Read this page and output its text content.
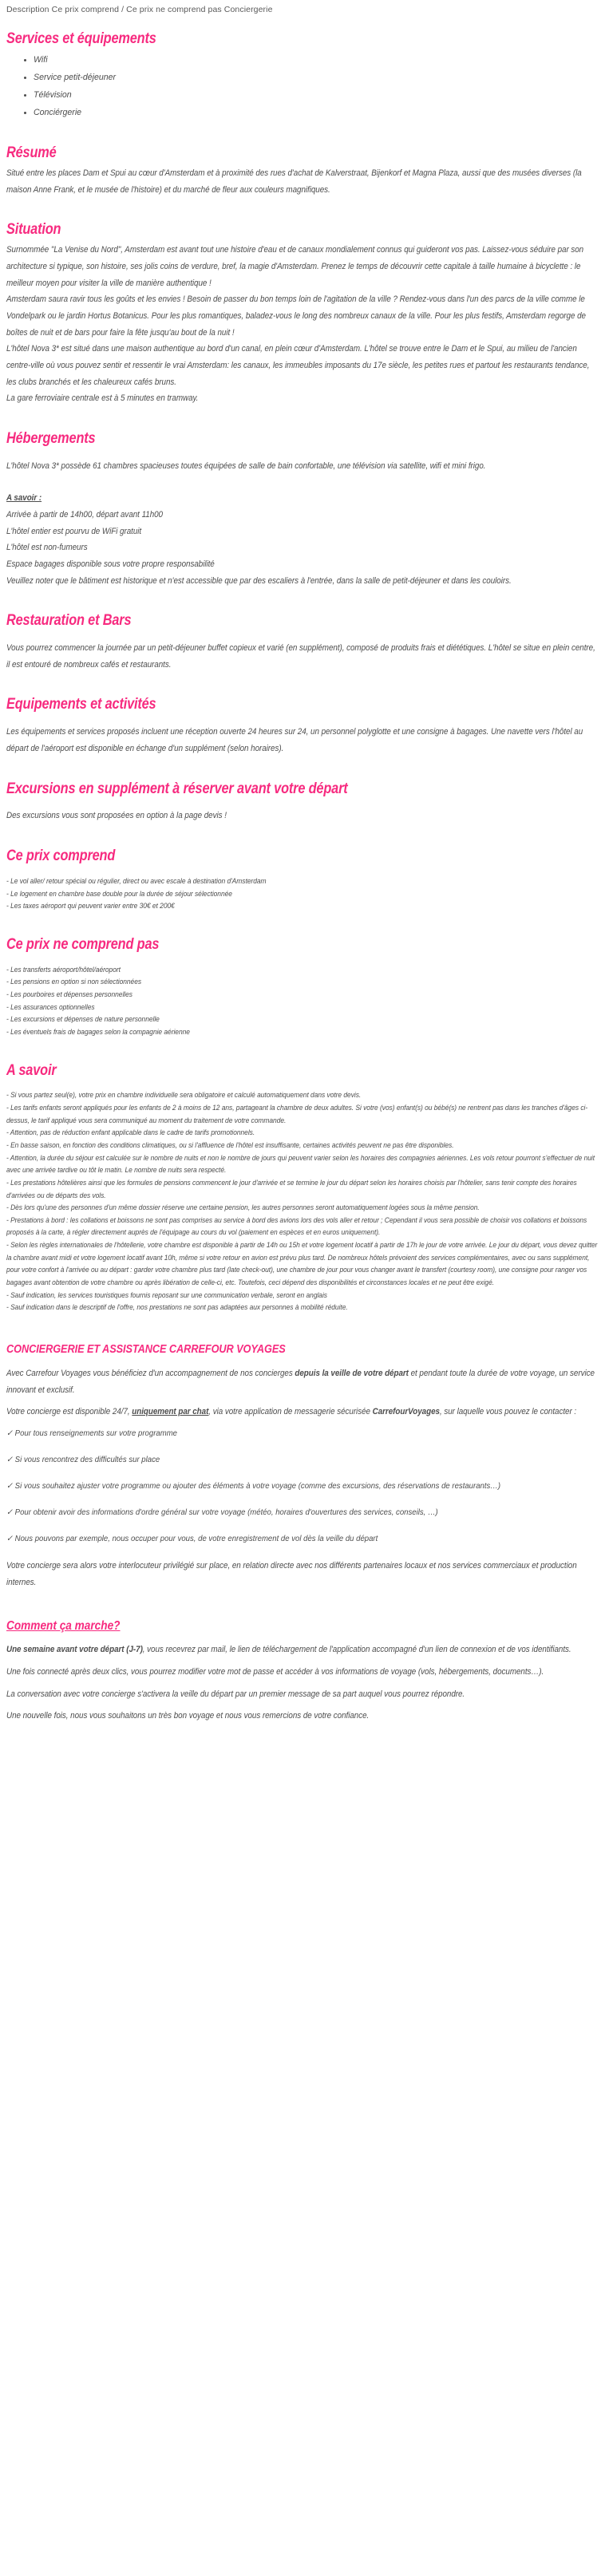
Description Ce prix comprend / Ce prix ne comprend pas Conciergerie
Services et équipements
• Wifi
• Service petit-déjeuner
• Télévision
• Conciérgerie
Résumé

Situé entre les places Dam et Spui au cœur d'Amsterdam et à proximité des rues d'achat de Kalverstraat, Bijenkorf et Magna Plaza, aussi que des musées diverses (la maison Anne Frank, et le musée de l'histoire) et du marché de fleur aux couleurs magnifiques.

Situation

Surnommée "La Venise du Nord", Amsterdam est avant tout une histoire d'eau et de canaux mondialement connus qui guideront vos pas. Laissez-vous séduire par son architecture si typique, son histoire, ses jolis coins de verdure, bref, la magie d'Amsterdam. Prenez le temps de découvrir cette capitale à taille humaine à bicyclette : le meilleur moyen pour visiter la ville de manière authentique !

Amsterdam saura ravir tous les goûts et les envies ! Besoin de passer du bon temps loin de l'agitation de la ville ? Rendez-vous dans l'un des parcs de la ville comme le Vondelpark ou le jardin Hortus Botanicus. Pour les plus romantiques, baladez-vous le long des nombreux canaux de la ville. Pour les plus festifs, Amsterdam regorge de boîtes de nuit et de bars pour faire la fête jusqu'au bout de la nuit !

L'hôtel Nova 3* est situé dans une maison authentique au bord d'un canal, en plein cœur d'Amsterdam. L'hôtel se trouve entre le Dam et le Spui, au milieu de l'ancien centre-ville où vous pouvez sentir et ressentir le vrai Amsterdam: les canaux, les immeubles imposants du 17e siècle, les petites rues et partout les restaurants tendance, les clubs branchés et les chaleureux cafés bruns.

La gare ferroviaire centrale est à 5 minutes en tramway.

Hébergements

L'hôtel Nova 3* possède 61 chambres spacieuses toutes équipées de salle de bain confortable, une télévision via satellite, wifi et mini frigo.

A savoir :

Arrivée à partir de 14h00, départ avant 11h00

L'hôtel entier est pourvu de WiFi gratuit

L'hôtel est non-fumeurs

Espace bagages disponible sous votre propre responsabilité

Veuillez noter que le bâtiment est historique et n'est accessible que par des escaliers à l'entrée, dans la salle de petit-déjeuner et dans les couloirs.

Restauration et Bars

Vous pourrez commencer la journée par un petit-déjeuner buffet copieux et varié (en supplément), composé de produits frais et diététiques. L'hôtel se situe en plein centre, il est entouré de nombreux cafés et restaurants.

Equipements et activités

Les équipements et services proposés incluent une réception ouverte 24 heures sur 24, un personnel polyglotte et une consigne à bagages. Une navette vers l'hôtel au départ de l'aéroport est disponible en échange d'un supplément (selon horaires).

Excursions en supplément à réserver avant votre départ

Des excursions vous sont proposées en option à la page devis !

Ce prix comprend

- Le vol aller/ retour spécial ou régulier, direct ou avec escale à destination d'Amsterdam

- Le logement en chambre base double pour la durée de séjour sélectionnée

- Les taxes aéroport qui peuvent varier entre 30€ et 200€

Ce prix ne comprend pas

- Les transferts aéroport/hôtel/aéroport

- Les pensions en option si non sélectionnées

- Les pourboires et dépenses personnelles

- Les assurances optionnelles

- Les excursions et dépenses de nature personnelle

- Les éventuels frais de bagages selon la compagnie aérienne

A savoir

- Si vous partez seul(e), votre prix en chambre individuelle sera obligatoire et calculé automatiquement dans votre devis.

- Les tarifs enfants seront appliqués pour les enfants de 2 à moins de 12 ans, partageant la chambre de deux adultes. Si votre (vos) enfant(s) ou bébé(s) ne rentrent pas dans les tranches d'âges ci-dessus, le tarif appliqué vous sera communiqué au moment du traitement de votre commande.

- Attention, pas de réduction enfant applicable dans le cadre de tarifs promotionnels.

- En basse saison, en fonction des conditions climatiques, ou si l'affluence de l'hôtel est insuffisante, certaines activités peuvent ne pas être disponibles.

- Attention, la durée du séjour est calculée sur le nombre de nuits et non le nombre de jours qui peuvent varier selon les horaires des compagnies aériennes. Les vols retour pourront s'effectuer de nuit avec une arrivée tardive ou tôt le matin. Le nombre de nuits sera respecté.

- Les prestations hôtelières ainsi que les formules de pensions commencent le jour d'arrivée et se termine le jour du départ selon les horaires choisis par l'hôtelier, sans tenir compte des horaires d'arrivées ou de départs des vols.

- Dès lors qu'une des personnes d'un même dossier réserve une certaine pension, les autres personnes seront automatiquement logées sous la même pension.

- Prestations à bord : les collations et boissons ne sont pas comprises au service à bord des avions lors des vols aller et retour ; Cependant il vous sera possible de choisir vos collations et boissons proposés à la carte, à régler directement auprès de l'équipage au cours du vol (paiement en espèces et en euros uniquement).

- Selon les règles internationales de l'hôtellerie, votre chambre est disponible à partir de 14h ou 15h et votre logement locatif à partir de 17h le jour de votre arrivée. Le jour du départ, vous devez quitter la chambre avant midi et votre logement locatif avant 10h, même si votre retour en avion est prévu plus tard. De nombreux hôtels prévoient des services complémentaires, avec ou sans supplément, pour votre confort à l'arrivée ou au départ : garder votre chambre plus tard (late check-out), une chambre de jour pour vous changer avant le transfert (courtesy room), une consigne pour ranger vos bagages avant obtention de votre chambre ou après libération de celle-ci, etc. Toutefois, ceci dépend des disponibilités et circonstances locales et ne peut être exigé.

- Sauf indication, les services touristiques fournis reposant sur une communication verbale, seront en anglais

- Sauf indication dans le descriptif de l'offre, nos prestations ne sont pas adaptées aux personnes à mobilité réduite.

CONCIERGERIE ET ASSISTANCE CARREFOUR VOYAGES

Avec Carrefour Voyages vous bénéficiez d'un accompagnement de nos concierges depuis la veille de votre départ et pendant toute la durée de votre voyage, un service innovant et exclusif.

Votre concierge est disponible 24/7, uniquement par chat, via votre application de messagerie sécurisée CarrefourVoyages, sur laquelle vous pouvez le contacter :

✓ Pour tous renseignements sur votre programme
✓ Si vous rencontrez des difficultés sur place
✓ Si vous souhaitez ajuster votre programme ou ajouter des éléments à votre voyage (comme des excursions, des réservations de restaurants…)
✓ Pour obtenir avoir des informations d'ordre général sur votre voyage (météo, horaires d'ouvertures des services, conseils, …)
✓ Nous pouvons par exemple, nous occuper pour vous, de votre enregistrement de vol dès la veille du départ

Votre concierge sera alors votre interlocuteur privilégié sur place, en relation directe avec nos différents partenaires locaux et nos services commerciaux et production internes.

Comment ça marche?

Une semaine avant votre départ (J-7), vous recevrez par mail, le lien de téléchargement de l'application accompagné d'un lien de connexion et de vos identifiants.

Une fois connecté après deux clics, vous pourrez modifier votre mot de passe et accéder à vos informations de voyage (vols, hébergements, documents…).

La conversation avec votre concierge s'activera la veille du départ par un premier message de sa part auquel vous pourrez répondre.

Une nouvelle fois, nous vous souhaitons un très bon voyage et nous vous remercions de votre confiance.
